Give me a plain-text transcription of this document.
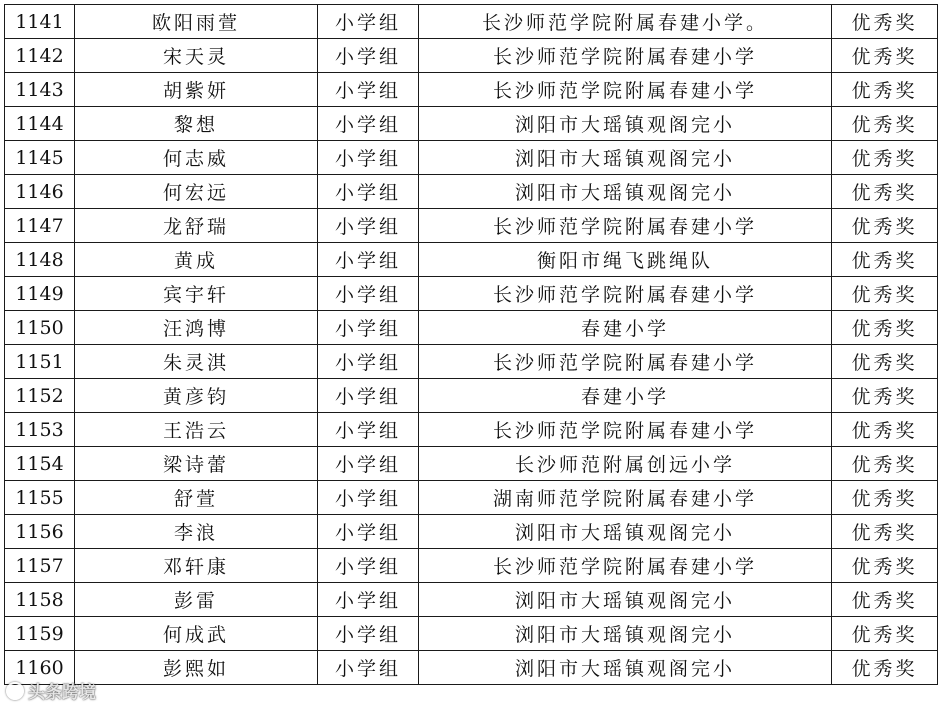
1141	欧阳雨萱	小学组	长沙师范学院附属春建小学。	优秀奖
1142	宋天灵	小学组	长沙师范学院附属春建小学	优秀奖
1143	胡紫妍	小学组	长沙师范学院附属春建小学	优秀奖
1144	黎想	小学组	浏阳市大瑶镇观阁完小	优秀奖
1145	何志威	小学组	浏阳市大瑶镇观阁完小	优秀奖
1146	何宏远	小学组	浏阳市大瑶镇观阁完小	优秀奖
1147	龙舒瑞	小学组	长沙师范学院附属春建小学	优秀奖
1148	黄成	小学组	衡阳市绳飞跳绳队	优秀奖
1149	宾宇轩	小学组	长沙师范学院附属春建小学	优秀奖
1150	汪鸿博	小学组	春建小学	优秀奖
1151	朱灵淇	小学组	长沙师范学院附属春建小学	优秀奖
1152	黄彦钧	小学组	春建小学	优秀奖
1153	王浩云	小学组	长沙师范学院附属春建小学	优秀奖
1154	梁诗蕾	小学组	长沙师范附属创远小学	优秀奖
1155	舒萱	小学组	湖南师范学院附属春建小学	优秀奖
1156	李浪	小学组	浏阳市大瑶镇观阁完小	优秀奖
1157	邓轩康	小学组	长沙师范学院附属春建小学	优秀奖
1158	彭雷	小学组	浏阳市大瑶镇观阁完小	优秀奖
1159	何成武	小学组	浏阳市大瑶镇观阁完小	优秀奖
1160	彭熙如	小学组	浏阳市大瑶镇观阁完小	优秀奖
头条跨境
